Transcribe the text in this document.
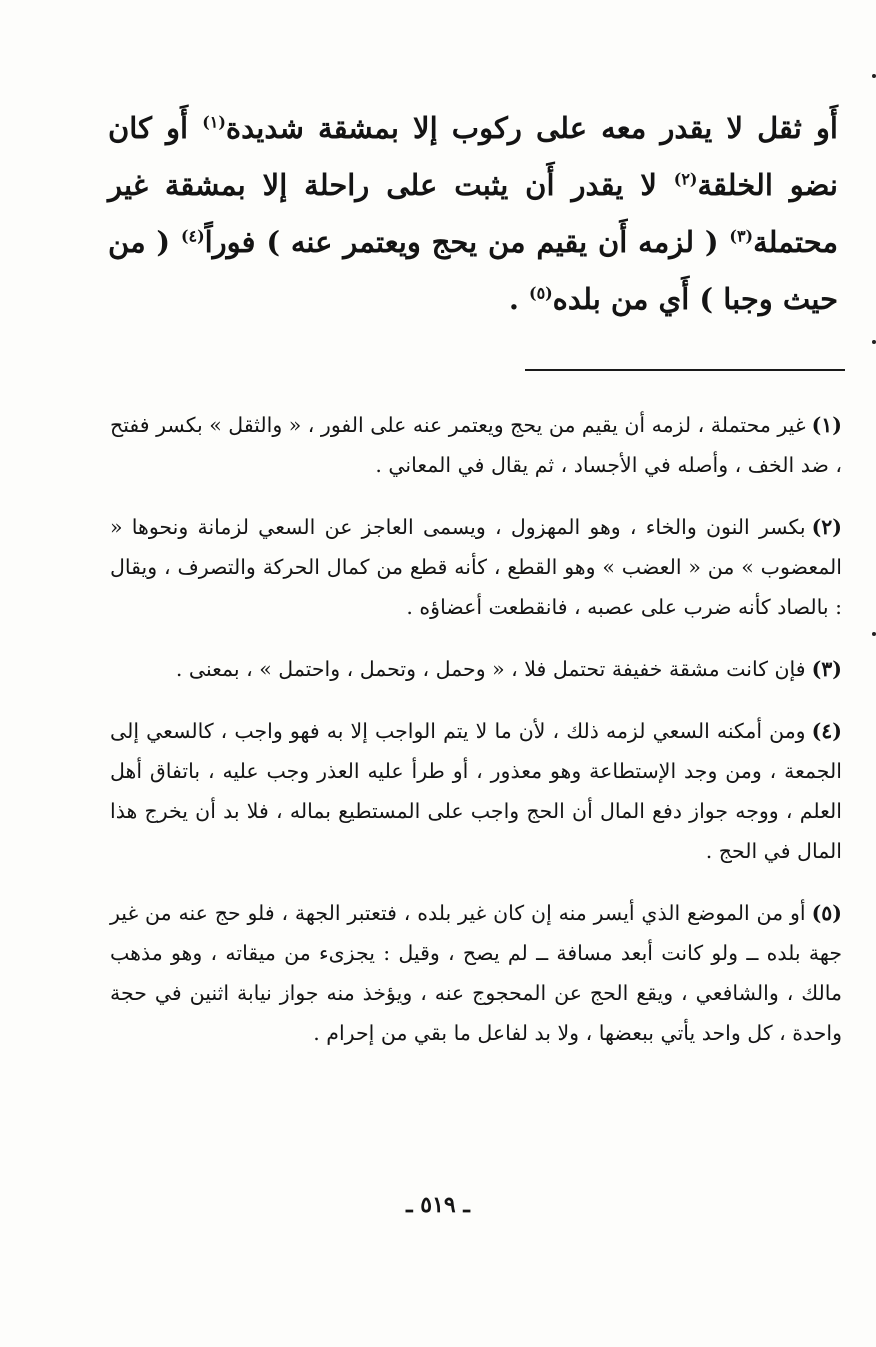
أَو ثقل لا يقدر معه على ركوب إلا بمشقة شديدة$^{(١)}$ أَو كان نضو الخلقة$^{(٢)}$ لا يقدر أَن يثبت على راحلة إلا بمشقة غير محتملة$^{(٣)}$ ( لزمه أَن يقيم من يحج ويعتمر عنه ) فوراً$^{(٤)}$ ( من حيث وجبا ) أَي من بلده$^{(٥)}$ .

(١)غير محتملة ، لزمه أن يقيم من يحج ويعتمر عنه على الفور ، « والثقل » بكسر ففتح ، ضد الخف ، وأصله في الأجساد ، ثم يقال في المعاني .

(٢)بكسر النون والخاء ، وهو المهزول ، ويسمى العاجز عن السعي لزمانة ونحوها « المعضوب » من « العضب » وهو القطع ، كأنه قطع من كمال الحركة والتصرف ، ويقال : بالصاد كأنه ضرب على عصبه ، فانقطعت أعضاؤه .

(٣)فإن كانت مشقة خفيفة تحتمل فلا ، « وحمل ، وتحمل ، واحتمل » ، بمعنى .

(٤)ومن أمكنه السعي لزمه ذلك ، لأن ما لا يتم الواجب إلا به فهو واجب ، كالسعي إلى الجمعة ، ومن وجد الإستطاعة وهو معذور ، أو طرأ عليه العذر وجب عليه ، باتفاق أهل العلم ، ووجه جواز دفع المال أن الحج واجب على المستطيع بماله ، فلا بد أن يخرج هذا المال في الحج .

(٥)أو من الموضع الذي أيسر منه إن كان غير بلده ، فتعتبر الجهة ، فلو حج عنه من غير جهة بلده ــ ولو كانت أبعد مسافة ــ لم يصح ، وقيل : يجزىء من ميقاته ، وهو مذهب مالك ، والشافعي ، ويقع الحج عن المحجوج عنه ، ويؤخذ منه جواز نيابة اثنين في حجة واحدة ، كل واحد يأتي ببعضها ، ولا بد لفاعل ما بقي من إحرام .

ـ ٥١٩ ـ
